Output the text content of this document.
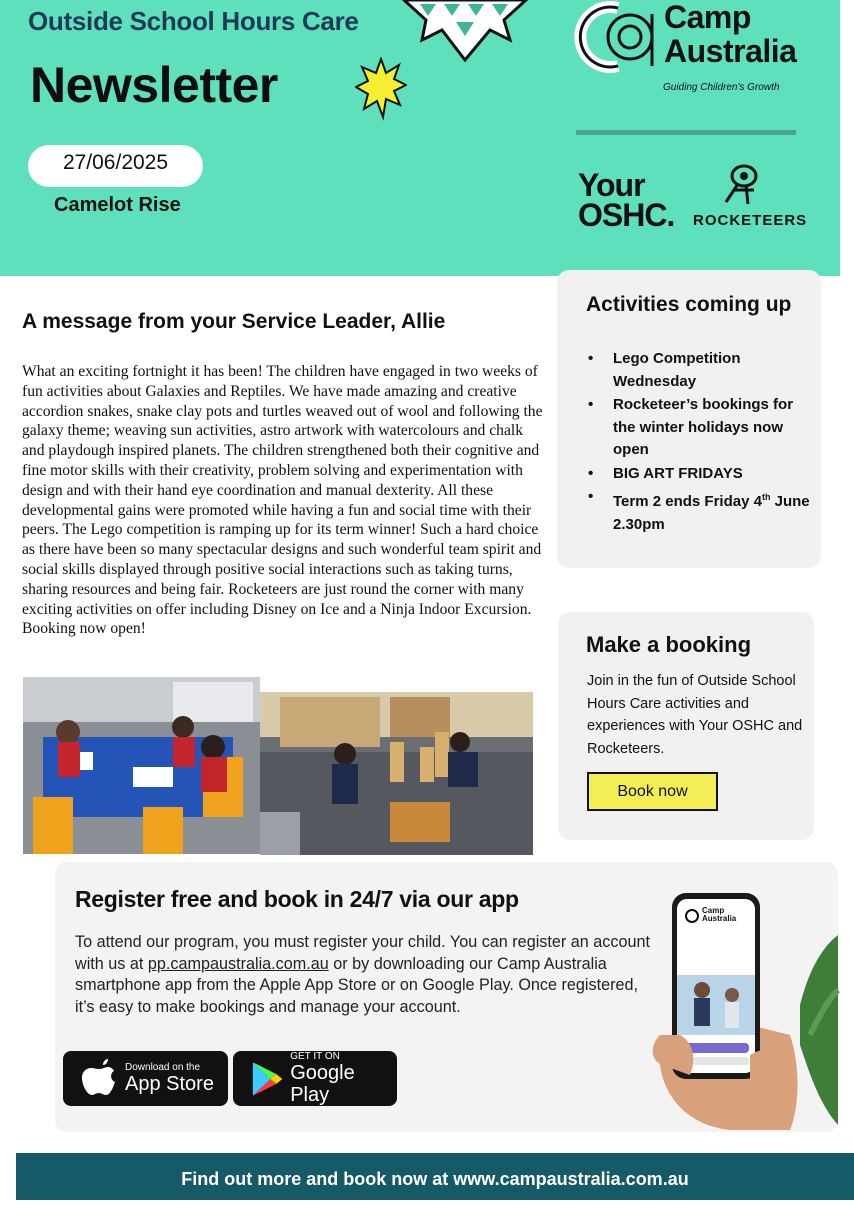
Outside School Hours Care
Newsletter
27/06/2025
Camelot Rise
Camp
Australia
Guiding Children's Growth
Your
OSHC. ROCKETEERS
A message from your Service Leader, Allie
What an exciting fortnight it has been! The children have engaged in two weeks of fun activities about Galaxies and Reptiles. We have made amazing and creative accordion snakes, snake clay pots and turtles weaved out of wool and following the galaxy theme; weaving sun activities, astro artwork with watercolours and chalk and playdough inspired planets. The children strengthened both their cognitive and fine motor skills with their creativity, problem solving and experimentation with design and with their hand eye coordination and manual dexterity. All these developmental gains were promoted while having a fun and social time with their peers. The Lego competition is ramping up for its term winner! Such a hard choice as there have been so many spectacular designs and such wonderful team spirit and social skills displayed through positive social interactions such as taking turns, sharing resources and being fair. Rocketeers are just round the corner with many exciting activities on offer including Disney on Ice and a Ninja Indoor Excursion. Booking now open!
Activities coming up
• Lego Competition Wednesday
• Rocketeer’s bookings for the winter holidays now open
• BIG ART FRIDAYS
• Term 2 ends Friday 4th June 2.30pm
Make a booking
Join in the fun of Outside School Hours Care activities and experiences with Your OSHC and Rocketeers.
Book now
Register free and book in 24/7 via our app
To attend our program, you must register your child. You can register an account with us at pp.campaustralia.com.au or by downloading our Camp Australia smartphone app from the Apple App Store or on Google Play. Once registered, it’s easy to make bookings and manage your account.
Download on the
App Store
GET IT ON
Google Play
Camp
Australia
Find out more and book now at www.campaustralia.com.au
